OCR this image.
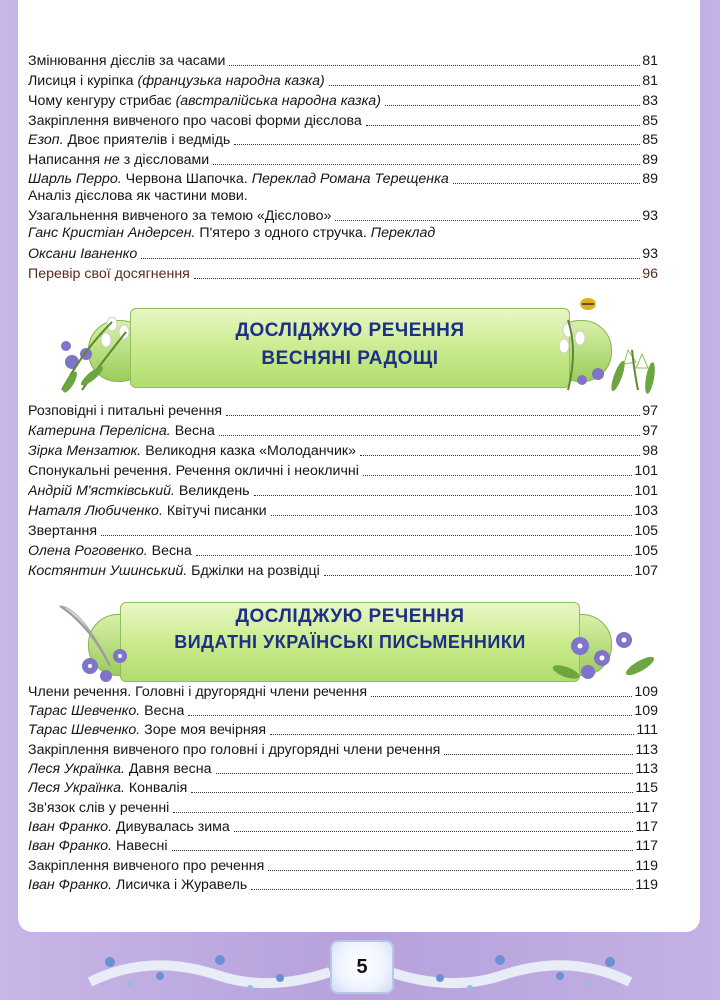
Змінювання дієслів за часами	81
Лисиця і курiпка (французька народна казка)	81
Чому кенгуру стрибає (австралійська народна казка)	83
Закріплення вивченого про часові форми дієслова	85
Езоп. Двоє приятелів і ведмідь	85
Написання не з дієсловами	89
Шарль Перро. Червона Шапочка. Переклад Романа Терещенка	89
Аналіз дієслова як частини мови.
Узагальнення вивченого за темою «Дієслово»	93
Ганс Кристіан Андерсен. П'ятеро з одного стручка. Переклад
Оксани Іваненко	93
Перевір свої досягнення	96
ДОСЛІДЖУЮ РЕЧЕННЯ
ВЕСНЯНІ РАДОЩІ
Розповідні і питальні речення	97
Катерина Перелісна. Весна	97
Зірка Мензатюк. Великодня казка «Молоданчик»	98
Спонукальні речення. Речення окличні і неокличні	101
Андрій М'ястківський. Великдень	101
Наталя Любиченко. Квітучі писанки	103
Звертання	105
Олена Роговенко. Весна	105
Костянтин Ушинський. Бджілки на розвідці	107
ДОСЛІДЖУЮ РЕЧЕННЯ
ВИДАТНІ УКРАЇНСЬКІ ПИСЬМЕННИКИ
Члени речення. Головні і другорядні члени речення	109
Тарас Шевченко. Весна	109
Тарас Шевченко. Зоре моя вечірняя	111
Закріплення вивченого про головні і другорядні члени речення	113
Леся Українка. Давня весна	113
Леся Українка. Конвалія	115
Зв'язок слів у реченні	117
Іван Франко. Дивувалась зима	117
Іван Франко. Навесні	117
Закріплення вивченого про речення	119
Іван Франко. Лисичка і Журавель	119
5
